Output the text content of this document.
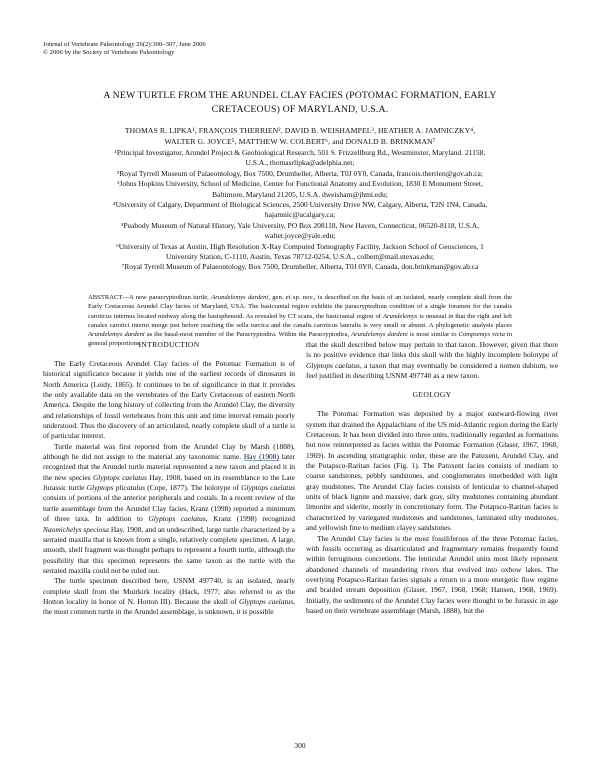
Journal of Vertebrate Paleontology 26(2):300–307, June 2006
© 2006 by the Society of Vertebrate Paleontology
A NEW TURTLE FROM THE ARUNDEL CLAY FACIES (POTOMAC FORMATION, EARLY
CRETACEOUS) OF MARYLAND, U.S.A.
THOMAS R. LIPKA¹, FRANÇOIS THERRIEN², DAVID B. WEISHAMPEL³, HEATHER A. JAMNICZKY⁴,
WALTER G. JOYCE⁵, MATTHEW W. COLBERT⁶, and DONALD B. BRINKMAN⁷
¹Principal Investigator, Arundel Project & Geobiological Research, 501 S. Frizzellburg Rd., Westminster, Maryland. 21158,
U.S.A., thomasrlipka@adelphia.net;
²Royal Tyrrell Museum of Palaeontology, Box 7500, Drumheller, Alberta, T0J 0Y0, Canada, francois.therrien@gov.ab.ca;
³Johns Hopkins University, School of Medicine, Center for Functional Anatomy and Evolution, 1830 E Monument Street,
Baltimore, Maryland 21205, U.S.A. dweisham@jhmi.edu;
⁴University of Calgary, Department of Biological Sciences, 2500 University Drive NW, Calgary, Alberta, T2N 1N4, Canada,
hajamnic@ucalgary.ca;
⁵Peabody Museum of Natural History, Yale University, PO Box 208118, New Haven, Connecticut, 06520-8118, U.S.A,
walter.joyce@yale.edu;
⁶University of Texas at Austin, High Resolution X-Ray Computed Tomography Facility, Jackson School of Geosciences, 1
University Station, C-1110, Austin, Texas 78712-0254, U.S.A., colbert@mail.utexas.edu;
⁷Royal Tyrrell Museum of Palaeontology, Box 7500, Drumheller, Alberta, T0J 0Y0, Canada, don.brinkman@gov.ab.ca
ABSTRACT—A new paracryptodiran turtle, Arundelemys dardeni, gen. et sp. nov., is described on the basis of an isolated, nearly complete skull from the Early Cretaceous Arundel Clay facies of Maryland, USA. The basicranial region exhibits the paracryptodiran condition of a single foramen for the canalis caroticus internus located midway along the basisphenoid. As revealed by CT scans, the basicranial region of Arundelemys is unusual in that the right and left canales carotici interni merge just before reaching the sella turcica and the canalis caroticus lateralis is very small or absent. A phylogenetic analysis places Arundelemys dardeni as the basal-most member of the Paracryptodira. Within the Paracryptodira, Arundelemys dardeni is most similar to Compsemys victa in general proportions.
INTRODUCTION

The Early Cretaceous Arundel Clay facies of the Potomac Formation is of historical significance because it yields one of the earliest records of dinosaurs in North America (Leidy, 1865). It continues to be of significance in that it provides the only available data on the vertebrates of the Early Cretaceous of eastern North America. Despite the long history of collecting from the Arundel Clay, the diversity and relationships of fossil vertebrates from this unit and time interval remain poorly understood. Thus the discovery of an articulated, nearly complete skull of a turtle is of particular interest.

Turtle material was first reported from the Arundel Clay by Marsh (1888), although he did not assign to the material any taxonomic name. Hay (1908) later recognized that the Arundel turtle material represented a new taxon and placed it in the new species Glyptops caelatus Hay, 1908, based on its resemblance to the Late Jurassic turtle Glyptops plicatulus (Cope, 1877). The holotype of Glyptops caelatus consists of portions of the anterior peripherals and costals. In a recent review of the turtle assemblage from the Arundel Clay facies, Kranz (1998) reported a minimum of three taxa. In addition to Glyptops caelatus, Kranz (1998) recognized Naomichelys speciosa Hay, 1908, and an undescribed, large turtle characterized by a serrated maxilla that is known from a single, relatively complete specimen. A large, smooth, shell fragment was thought perhaps to represent a fourth turtle, although the possibility that this specimen represents the same taxon as the turtle with the serrated maxilla could not be ruled out.

The turtle specimen described here, USNM 497740, is an isolated, nearly complete skull from the Muirkirk locality (Hack, 1977; also referred to as the Hotton locality in honor of N. Hotton III). Because the skull of Glyptops caelatus, the most common turtle in the Arundel assemblage, is unknown, it is possible

that the skull described below may pertain to that taxon. However, given that there is no positive evidence that links this skull with the highly incomplete holotype of Glyptops caelatus, a taxon that may eventually be considered a nomen dubium, we feel justified in describing USNM 497740 as a new taxon.

GEOLOGY

The Potomac Formation was deposited by a major eastward-flowing river system that drained the Appalachians of the US mid-Atlantic region during the Early Cretaceous. It has been divided into three units, traditionally regarded as formations but now reinterpreted as facies within the Potomac Formation (Glaser, 1967, 1968, 1969). In ascending stratigraphic order, these are the Patuxent, Arundel Clay, and the Potapsco-Raritan facies (Fig. 1). The Patuxent facies consists of medium to coarse sandstones, pebbly sandstones, and conglomerates interbedded with light gray mudstones. The Arundel Clay facies consists of lenticular to channel-shaped units of black lignite and massive, dark gray, silty mudstones containing abundant limonite and siderite, mostly in concretionary form. The Potapsco-Raritan facies is characterized by variegated mudstones and sandstones, laminated silty mudstones, and yellowish fine to medium clayey sandstones.

The Arundel Clay facies is the most fossiliferous of the three Potomac facies, with fossils occurring as disarticulated and fragmentary remains frequently found within ferruginous concretions. The lenticular Arundel units most likely represent abandoned channels of meandering rivers that evolved into oxbow lakes. The overlying Potapsco-Raritan facies signals a return to a more energetic flow regime and braided stream deposition (Glaser, 1967, 1968, 1968; Hansen, 1968, 1969). Initially, the sediments of the Arundel Clay facies were thought to be Jurassic in age based on their vertebrate assemblage (Marsh, 1888), but the

300
